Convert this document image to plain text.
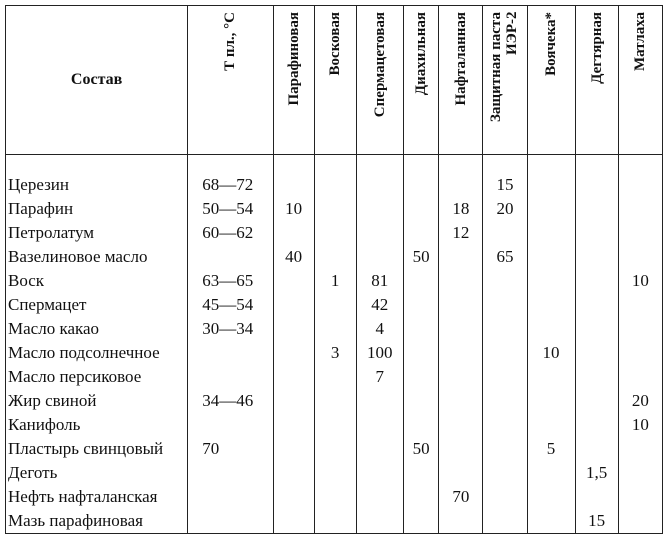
Состав	Т пл., °С	Парафиновая	Восковая	Спермацетовая	Диахильная	Нафталанная	Защитная паста ИЭР-2	Воячека*	Дегтярная	Матлаха

Церезин	68—72						15			
Парафин	50—54	10				18	20			
Петролатум	60—62					12				
Вазелиновое масло		40			50		65			
Воск	63—65		1	81						10
Спермацет	45—54			42						
Масло какао	30—34			4						
Масло подсолнечное			3	100				10		
Масло персиковое				7						
Жир свиной	34—46									20
Канифоль										10
Пластырь свинцовый	70				50			5		
Деготь									1,5	
Нефть нафталанская						70				
Мазь парафиновая									15	
